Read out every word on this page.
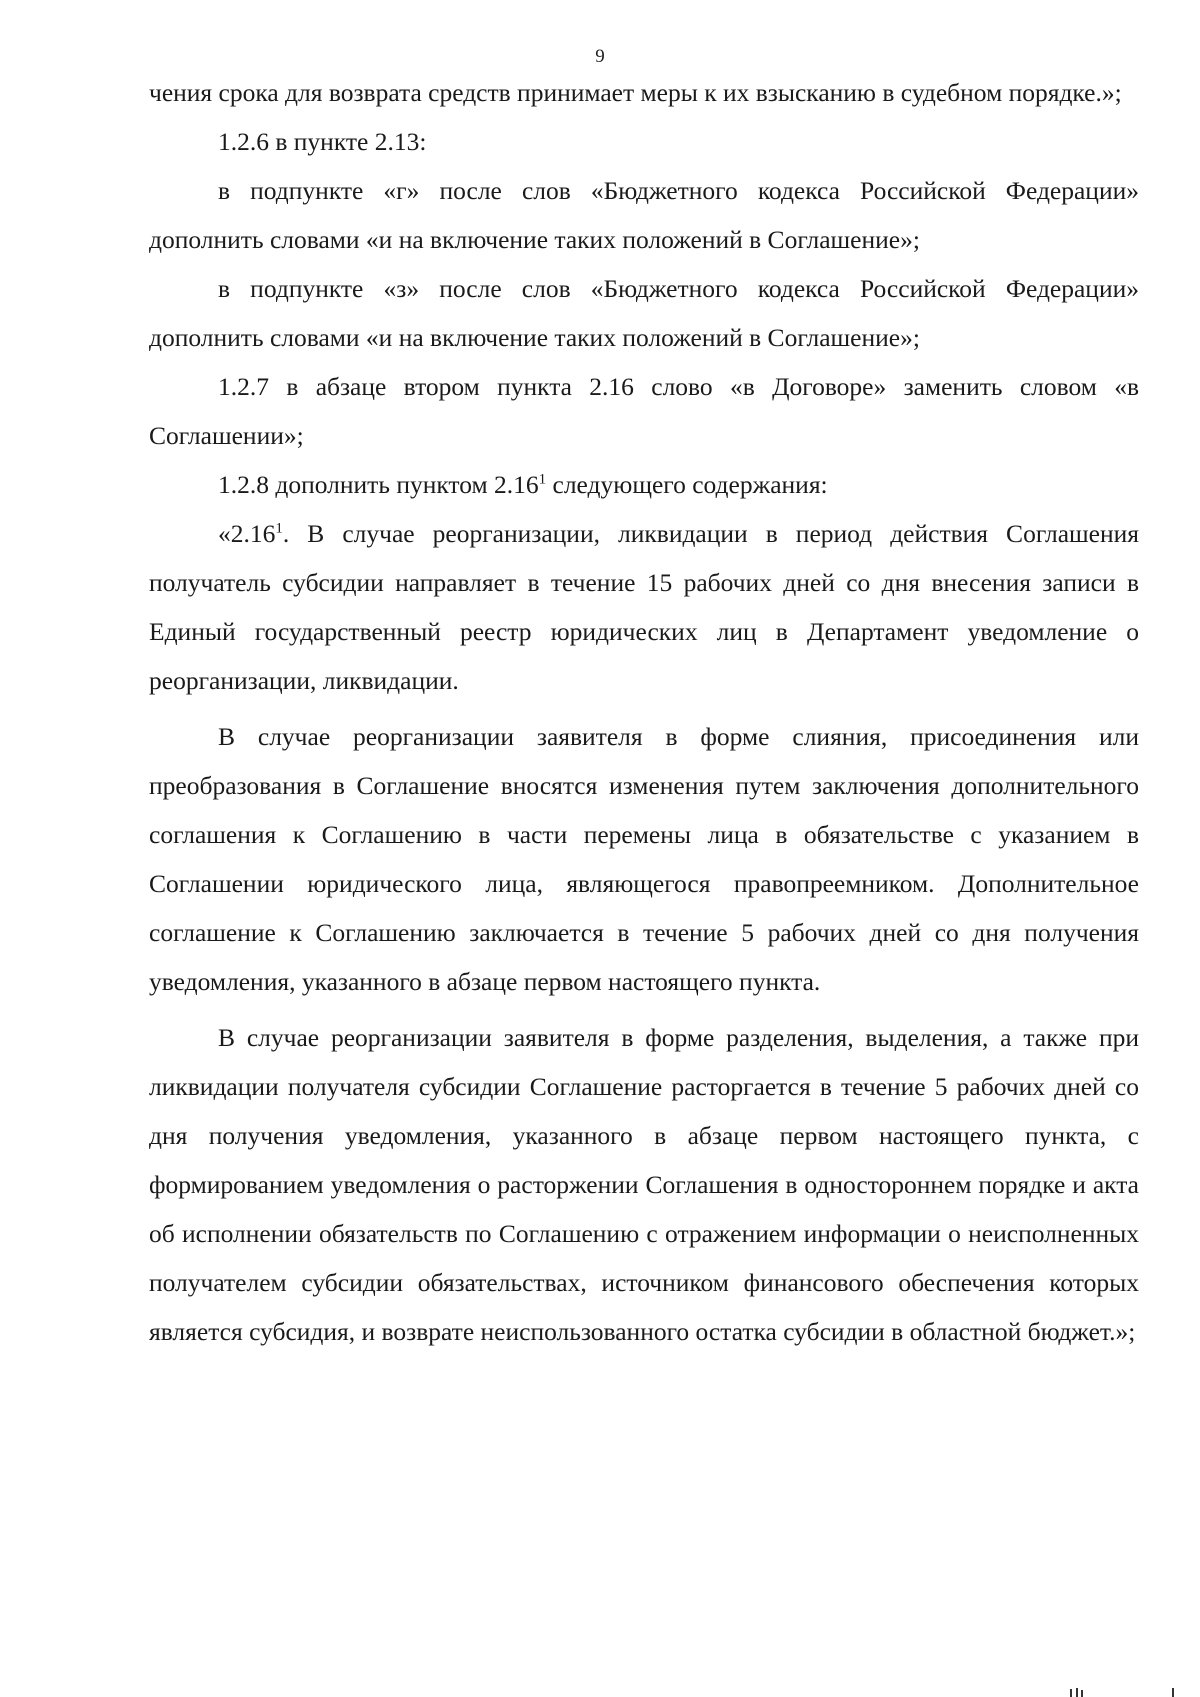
9

чения срока для возврата средств принимает меры к их взысканию в судебном порядке.»;

1.2.6 в пункте 2.13:

в подпункте «г» после слов «Бюджетного кодекса Российской Федерации» дополнить словами «и на включение таких положений в Соглашение»;

в подпункте «з» после слов «Бюджетного кодекса Российской Федерации» дополнить словами «и на включение таких положений в Соглашение»;

1.2.7 в абзаце втором пункта 2.16 слово «в Договоре» заменить словом «в Соглашении»;

1.2.8 дополнить пунктом 2.16$^1$ следующего содержания:

«2.16$^1$. В случае реорганизации, ликвидации в период действия Соглашения получатель субсидии направляет в течение 15 рабочих дней со дня внесения записи в Единый государственный реестр юридических лиц в Департамент уведомление о реорганизации, ликвидации.

В случае реорганизации заявителя в форме слияния, присоединения или преобразования в Соглашение вносятся изменения путем заключения дополнительного соглашения к Соглашению в части перемены лица в обязательстве с указанием в Соглашении юридического лица, являющегося правопреемником. Дополнительное соглашение к Соглашению заключается в течение 5 рабочих дней со дня получения уведомления, указанного в абзаце первом настоящего пункта.

В случае реорганизации заявителя в форме разделения, выделения, а также при ликвидации получателя субсидии Соглашение расторгается в течение 5 рабочих дней со дня получения уведомления, указанного в абзаце первом настоящего пункта, с формированием уведомления о расторжении Соглашения в одностороннем порядке и акта об исполнении обязательств по Соглашению с отражением информации о неисполненных получателем субсидии обязательствах, источником финансового обеспечения которых является субсидия, и возврате неиспользованного остатка субсидии в областной бюджет.»;
